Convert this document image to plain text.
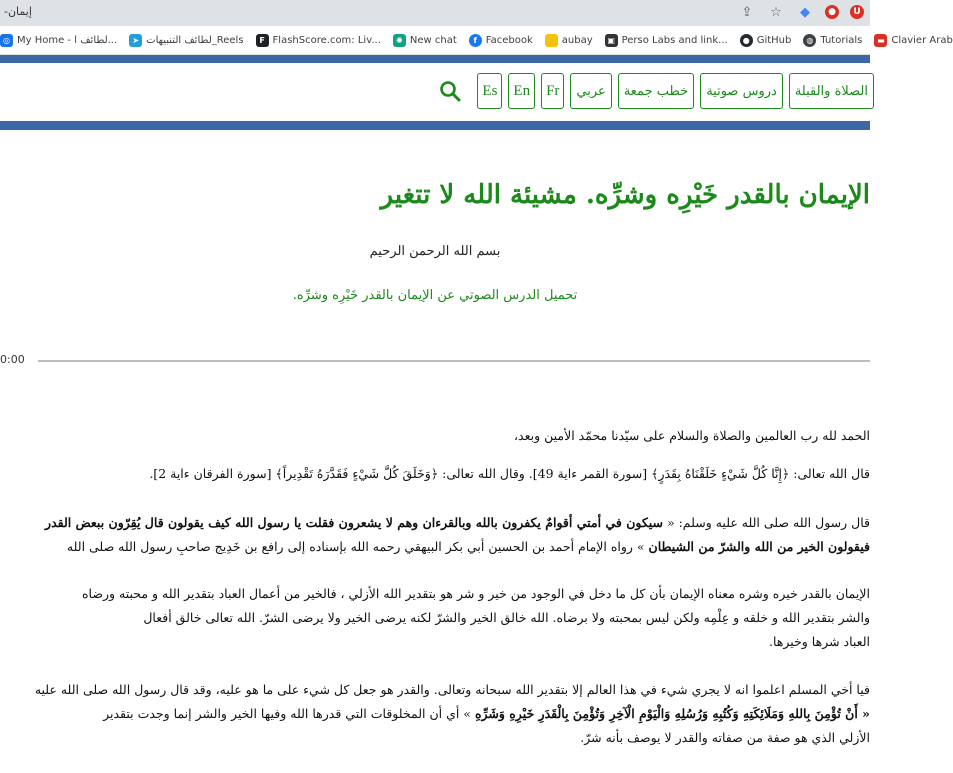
إيمان-	⇪ ☆	◆	●	U
◎ My Home - لطائف ا...	➤ لطائف التنبيهات_Reels	F FlashScore.com: Liv...	✺ New chat	f Facebook	aubay	▣ Perso Labs and link...	● GitHub	◍ Tutorials	▬ Clavier Arab
الصلاة والقبلة
دروس صوتية
خطب جمعة
عربي
Fr
En
Es
الإيمان بالقدر خَيْرِه وشرِّه. مشيئة الله لا تتغير
بسم الله الرحمن الرحيم
تحميل الدرس الصوتي عن الإيمان بالقدر خَيْرِه وشرِّه.
0:00
الحمد لله رب العالمين والصلاة والسلام على سيّدنا محمّد الأمين وبعد،
قال الله تعالى: ﴿إِنَّا كُلَّ شَيْءٍ خَلَقْنَاهُ بِقَدَرٍ﴾ [سورة القمر ءاية 49]. وقال الله تعالى: ﴿وَخَلَقَ كُلَّ شَيْءٍ فَقَدَّرَهُ تَقْدِيراً﴾ [سورة الفرقان ءاية 2].
قال رسول الله صلى الله عليه وسلم: « سيكون في أمتي أقوامٌ يكفرون بالله وبالقرءان وهم لا يشعرون فقلت يا رسول الله كيف يقولون قال يُقِرّون ببعض القدر
فيقولون الخير من الله والشرّ من الشيطان » رواه الإمام أحمد بن الحسين أبي بكر البيهقي رحمه الله بإسناده إلى رافع بن خَدِيج صاحبِ رسول الله صلى الله
الإيمان بالقدر خيره وشره معناه الإيمان بأن كل ما دخل في الوجود من خير و شر هو بتقدير الله الأزلي ، فالخير من أعمال العباد بتقدير الله و محبته ورضاه
والشر بتقدير الله و خلقه و عِلْمِه ولكن ليس بمحبته ولا برضاه. الله خالق الخير والشرّ لكنه يرضى الخير ولا يرضى الشرّ. الله تعالى خالق أفعال
العباد شرها وخيرها.
فيا أخي المسلم اعلموا انه لا يجري شيء في هذا العالم إلا بتقدير الله سبحانه وتعالى. والقدر هو جعل كل شيء على ما هو عليه، وقد قال رسول الله صلى الله عليه
« أَنْ تُؤْمِنَ بِاللهِ وَمَلَائِكَتِهِ وَكُتُبِهِ وَرُسُلِهِ وَالْيَوْمِ الْآخِرِ وَتُؤْمِنَ بِالْقَدَرِ خَيْرِهِ وَشَرِّهِ » أي أن المخلوقات التي قدرها الله وفيها الخير والشر إنما وجدت بتقدير
الأزلي الذي هو صفة من صفاته والقدر لا يوصف بأنه شرّ.
